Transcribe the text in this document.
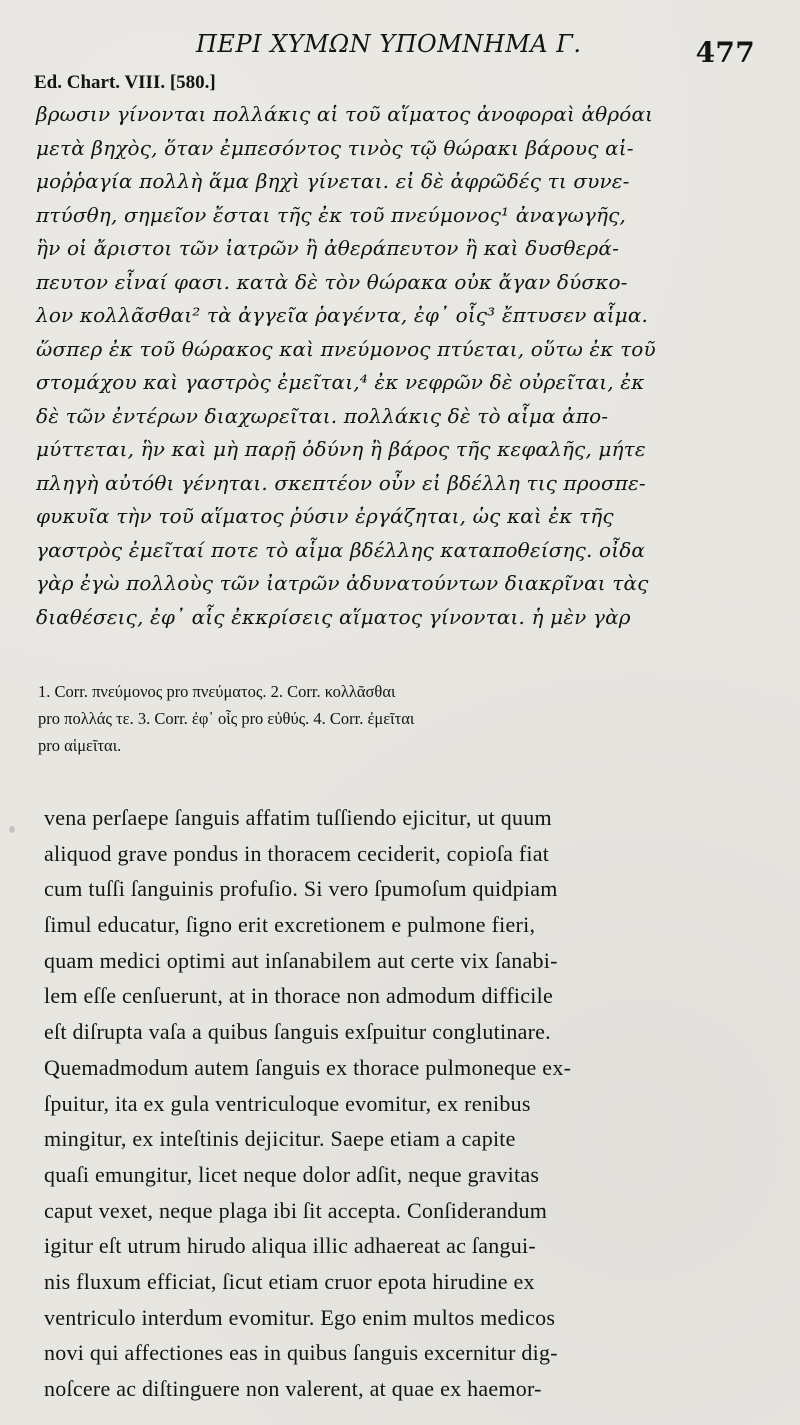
ΠΕΡΙ ΧΥΜΩΝ ΥΠΟΜΝΗΜΑ Γ.	477
Ed. Chart. VIII. [580.]
βρωσιν γίνονται πολλάκις αἱ τοῦ αἵματος ἀνοφοραὶ ἀθρόαι
μετὰ βηχὸς, ὅταν ἐμπεσόντος τινὸς τῷ θώρακι βάρους αἱ-
μοῤῥαγία πολλὴ ἅμα βηχὶ γίνεται. εἰ δὲ ἀφρῶδές τι συνε-
πτύσθη, σημεῖον ἔσται τῆς ἐκ τοῦ πνεύμονος¹ ἀναγωγῆς,
ἣν οἱ ἄριστοι τῶν ἰατρῶν ἢ ἀθεράπευτον ἢ καὶ δυσθερά-
πευτον εἶναί φασι. κατὰ δὲ τὸν θώρακα οὐκ ἄγαν δύσκο-
λον κολλᾶσθαι² τὰ ἀγγεῖα ῥαγέντα, ἐφ᾽ οἷς³ ἔπτυσεν αἷμα.
ὥσπερ ἐκ τοῦ θώρακος καὶ πνεύμονος πτύεται, οὕτω ἐκ τοῦ
στομάχου καὶ γαστρὸς ἐμεῖται,⁴ ἐκ νεφρῶν δὲ οὐρεῖται, ἐκ
δὲ τῶν ἐντέρων διαχωρεῖται. πολλάκις δὲ τὸ αἷμα ἀπο-
μύττεται, ἣν καὶ μὴ παρῇ ὀδύνη ἢ βάρος τῆς κεφαλῆς, μήτε
πληγὴ αὐτόθι γένηται. σκεπτέον οὖν εἰ βδέλλη τις προσπε-
φυκυῖα τὴν τοῦ αἵματος ῥύσιν ἐργάζηται, ὡς καὶ ἐκ τῆς
γαστρὸς ἐμεῖταί ποτε τὸ αἷμα βδέλλης καταποθείσης. οἶδα
γὰρ ἐγὼ πολλοὺς τῶν ἰατρῶν ἀδυνατούντων διακρῖναι τὰς
διαθέσεις, ἐφ᾽ αἷς ἐκκρίσεις αἵματος γίνονται. ἡ μὲν γὰρ
1. Corr. πνεύμονος pro πνεύματος. 2. Corr. κολλᾶσθαι
pro πολλάς τε. 3. Corr. ἐφ᾽ οἷς pro εὐθύς. 4. Corr. ἐμεῖται
pro αἱμεῖται.
vena perſaepe ſanguis affatim tuſſiendo ejicitur, ut quum
aliquod grave pondus in thoracem ceciderit, copioſa fiat
cum tuſſi ſanguinis profuſio. Si vero ſpumoſum quidpiam
ſimul educatur, ſigno erit excretionem e pulmone fieri,
quam medici optimi aut inſanabilem aut certe vix ſanabi-
lem eſſe cenſuerunt, at in thorace non admodum difficile
eſt diſrupta vaſa a quibus ſanguis exſpuitur conglutinare.
Quemadmodum autem ſanguis ex thorace pulmoneque ex-
ſpuitur, ita ex gula ventriculoque evomitur, ex renibus
mingitur, ex inteſtinis dejicitur. Saepe etiam a capite
quaſi emungitur, licet neque dolor adſit, neque gravitas
caput vexet, neque plaga ibi ſit accepta. Conſiderandum
igitur eſt utrum hirudo aliqua illic adhaereat ac ſangui-
nis fluxum efficiat, ſicut etiam cruor epota hirudine ex
ventriculo interdum evomitur. Ego enim multos medicos
novi qui affectiones eas in quibus ſanguis excernitur dig-
noſcere ac diſtinguere non valerent, at quae ex haemor-
